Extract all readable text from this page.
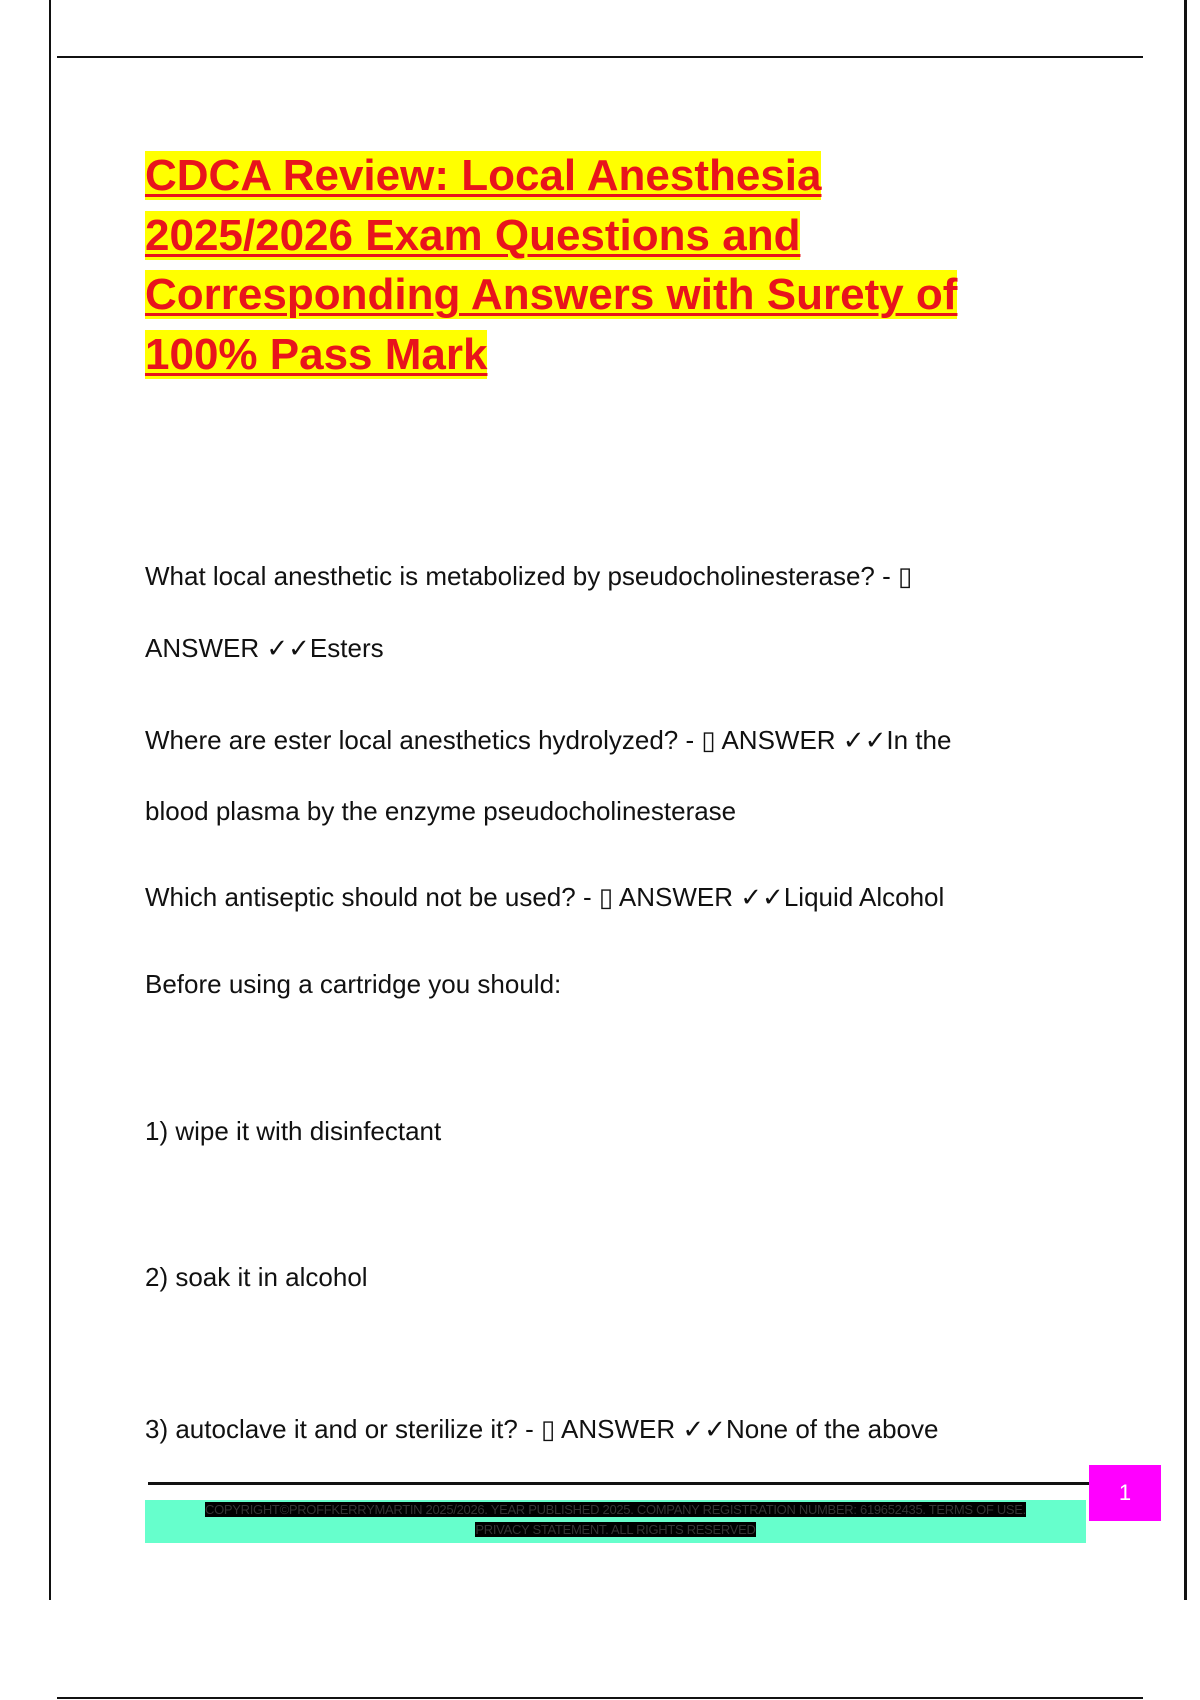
CDCA Review: Local Anesthesia
2025/2026 Exam Questions and
Corresponding Answers with Surety of
100% Pass Mark
What local anesthetic is metabolized by pseudocholinesterase? - ▯
ANSWER ✓✓Esters
Where are ester local anesthetics hydrolyzed? - ▯ ANSWER ✓✓In the
blood plasma by the enzyme pseudocholinesterase
Which antiseptic should not be used? - ▯ ANSWER ✓✓Liquid Alcohol
Before using a cartridge you should:
1) wipe it with disinfectant
2) soak it in alcohol
3) autoclave it and or sterilize it? - ▯ ANSWER ✓✓None of the above
1
COPYRIGHT©PROFFKERRYMARTIN 2025/2026. YEAR PUBLISHED 2025. COMPANY REGISTRATION NUMBER: 619652435. TERMS OF USE.
PRIVACY STATEMENT. ALL RIGHTS RESERVED
